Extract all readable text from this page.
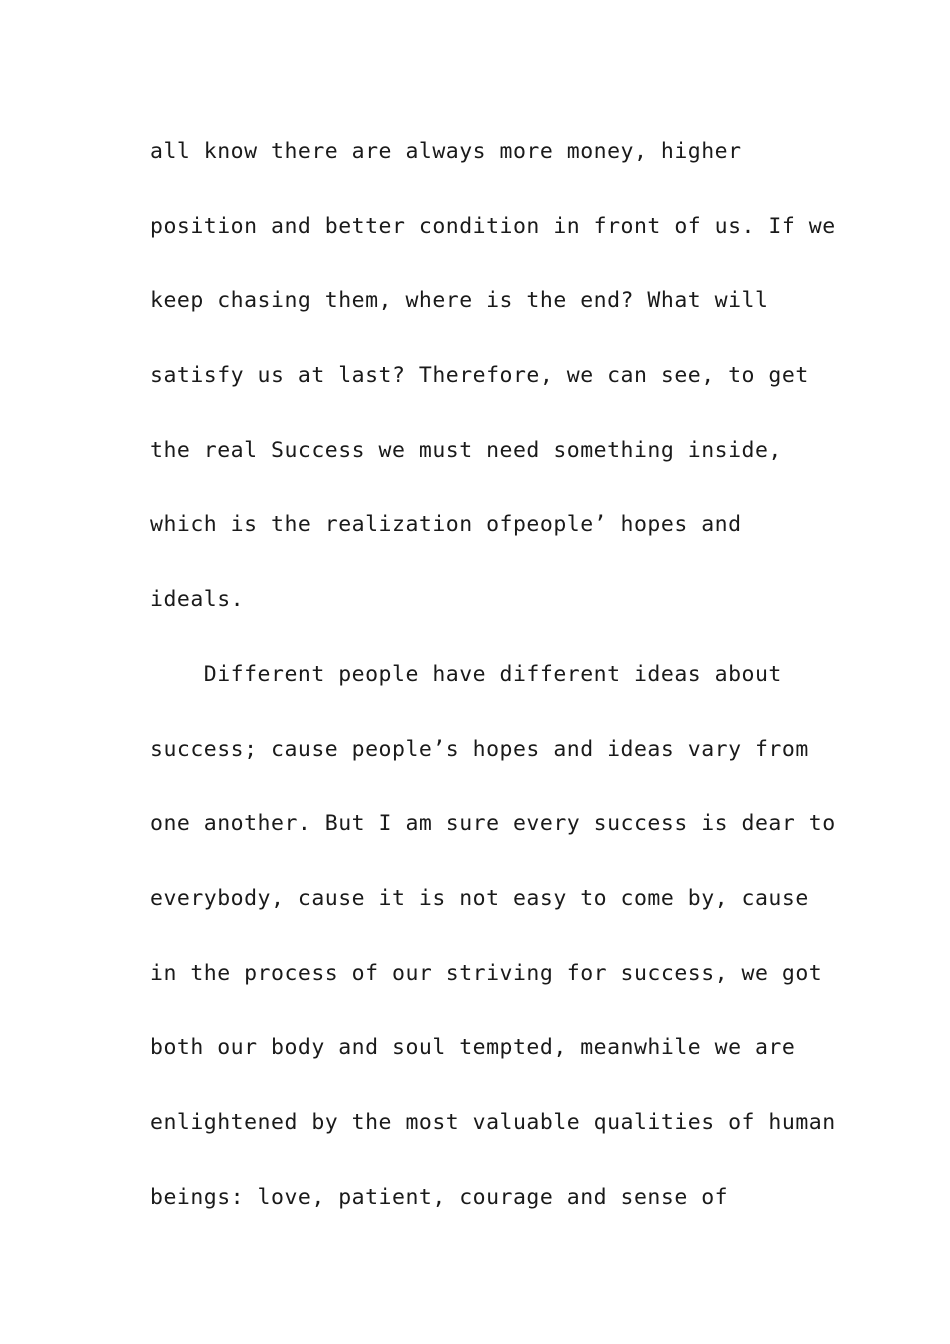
all know there are always more money, higher
position and better condition in front of us. If we
keep chasing them, where is the end? What will
satisfy us at last? Therefore, we can see, to get
the real Success we must need something inside,
which is the realization ofpeople’ hopes and
ideals.
Different people have different ideas about
success; cause people’s hopes and ideas vary from
one another. But I am sure every success is dear to
everybody, cause it is not easy to come by, cause
in the process of our striving for success, we got
both our body and soul tempted, meanwhile we are
enlightened by the most valuable qualities of human
beings: love, patient, courage and sense of
